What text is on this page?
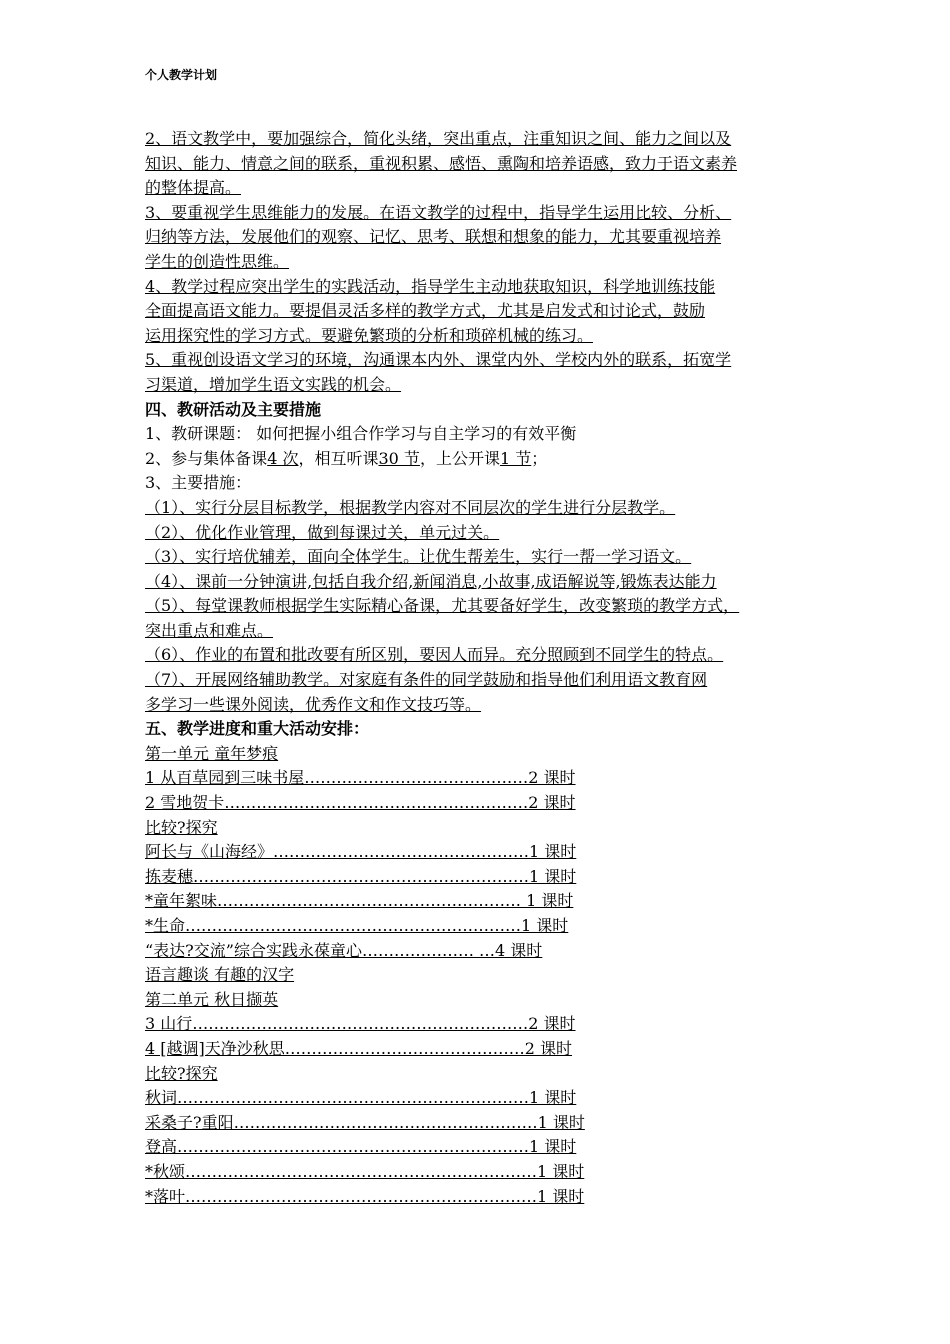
个人教学计划
2、语文教学中，要加强综合，简化头绪，突出重点，注重知识之间、能力之间以及
知识、能力、情意之间的联系，重视积累、感悟、熏陶和培养语感，致力于语文素养
的整体提高。
3、要重视学生思维能力的发展。在语文教学的过程中，指导学生运用比较、分析、
归纳等方法，发展他们的观察、记忆、思考、联想和想象的能力，尤其要重视培养
学生的创造性思维。
4、教学过程应突出学生的实践活动，指导学生主动地获取知识，科学地训练技能
全面提高语文能力。要提倡灵活多样的教学方式，尤其是启发式和讨论式，鼓励
运用探究性的学习方式。要避免繁琐的分析和琐碎机械的练习。
5、重视创设语文学习的环境，沟通课本内外、课堂内外、学校内外的联系，拓宽学
习渠道，增加学生语文实践的机会。
四、教研活动及主要措施
1、教研课题： 如何把握小组合作学习与自主学习的有效平衡
2、参与集体备课4 次，相互听课30 节，上公开课1 节；
3、主要措施：
（1）、实行分层目标教学，根据教学内容对不同层次的学生进行分层教学。
（2）、优化作业管理，做到每课过关，单元过关。
（3）、实行培优辅差，面向全体学生。让优生帮差生，实行一帮一学习语文。
（4）、课前一分钟演讲,包括自我介绍,新闻消息,小故事,成语解说等,锻炼表达能力
（5）、每堂课教师根据学生实际精心备课，尤其要备好学生，改变繁琐的教学方式，
突出重点和难点。
（6）、作业的布置和批改要有所区别，要因人而异。充分照顾到不同学生的特点。
（7）、开展网络辅助教学。对家庭有条件的同学鼓励和指导他们利用语文教育网
多学习一些课外阅读，优秀作文和作文技巧等。
五、教学进度和重大活动安排：
第一单元 童年梦痕
1 从百草园到三味书屋……………………………………2 课时
2 雪地贺卡…………………………………………………2 课时
比较?探究
阿长与《山海经》…………………………………………1 课时
拣麦穗………………………………………………………1 课时
*童年絮味………………………………………………… 1 课时
*生命………………………………………………………1 课时
“表达?交流”综合实践永葆童心………………… …4 课时
语言趣谈 有趣的汉字
第二单元 秋日撷英
3 山行………………………………………………………2 课时
4 [越调]天净沙秋思………………………………………2 课时
比较?探究
秋词…………………………………………………………1 课时
采桑子?重阳…………………………………………………1 课时
登高…………………………………………………………1 课时
*秋颂…………………………………………………………1 课时
*落叶…………………………………………………………1 课时
